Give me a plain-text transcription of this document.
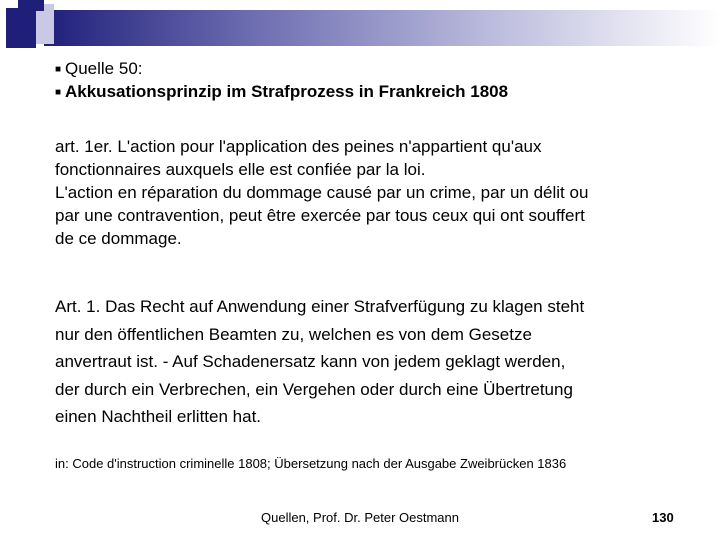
■ Quelle 50:
■ Akkusationsprinzip im Strafprozess in Frankreich 1808
art. 1er. L'action pour l'application des peines n'appartient qu'aux
fonctionnaires auxquels elle est confiée par la loi.
L'action en réparation du dommage causé par un crime, par un délit ou
par une contravention, peut être exercée par tous ceux qui ont souffert
de ce dommage.
Art. 1. Das Recht auf Anwendung einer Strafverfügung zu klagen steht
nur den öffentlichen Beamten zu, welchen es von dem Gesetze
anvertraut ist. - Auf Schadenersatz kann von jedem geklagt werden,
der durch ein Verbrechen, ein Vergehen oder durch eine Übertretung
einen Nachtheil erlitten hat.
in: Code d'instruction criminelle 1808; Übersetzung nach der Ausgabe Zweibrücken 1836
Quellen, Prof. Dr. Peter Oestmann	130
